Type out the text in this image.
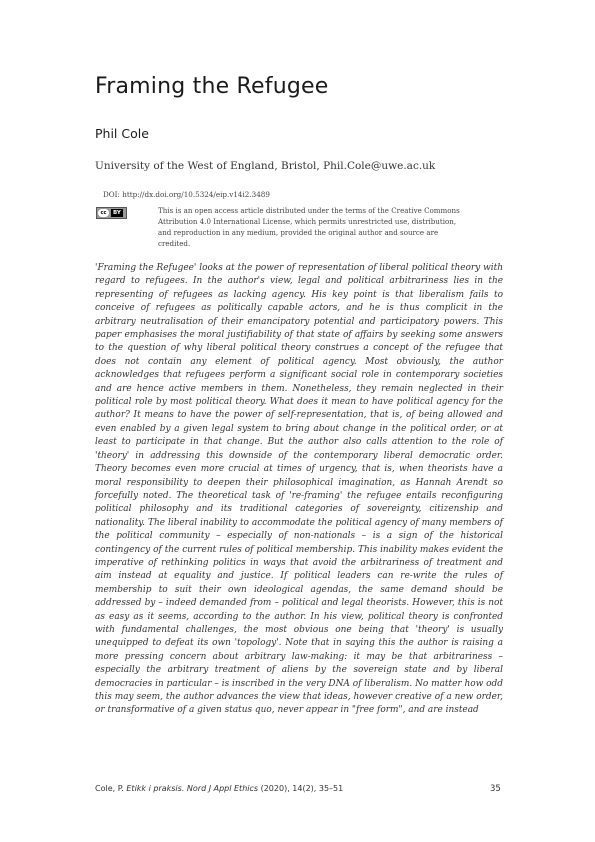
Framing the Refugee
Phil Cole
University of the West of England, Bristol, Phil.Cole@uwe.ac.uk
DOI: http://dx.doi.org/10.5324/eip.v14i2.3489
cc	BY	This is an open access article distributed under the terms of the Creative Commons Attribution 4.0 International License, which permits unrestricted use, distribution, and reproduction in any medium, provided the original author and source are credited.

'Framing the Refugee' looks at the power of representation of liberal political theory with regard to refugees. In the author's view, legal and political arbitrariness lies in the representing of refugees as lacking agency. His key point is that liberalism fails to conceive of refugees as politically capable actors, and he is thus complicit in the arbitrary neutralisation of their emancipatory potential and participatory powers. This paper emphasises the moral justifiability of that state of affairs by seeking some answers to the question of why liberal political theory construes a concept of the refugee that does not contain any element of political agency. Most obviously, the author acknowledges that refugees perform a significant social role in contemporary societies and are hence active members in them. Nonetheless, they remain neglected in their political role by most political theory. What does it mean to have political agency for the author? It means to have the power of self-representation, that is, of being allowed and even enabled by a given legal system to bring about change in the political order, or at least to participate in that change. But the author also calls attention to the role of 'theory' in addressing this downside of the contemporary liberal democratic order. Theory becomes even more crucial at times of urgency, that is, when theorists have a moral responsibility to deepen their philosophical imagination, as Hannah Arendt so forcefully noted. The theoretical task of 're-framing' the refugee entails reconfiguring political philosophy and its traditional categories of sovereignty, citizenship and nationality. The liberal inability to accommodate the political agency of many members of the political community – especially of non-nationals – is a sign of the historical contingency of the current rules of political membership. This inability makes evident the imperative of rethinking politics in ways that avoid the arbitrariness of treatment and aim instead at equality and justice. If political leaders can re-write the rules of membership to suit their own ideological agendas, the same demand should be addressed by – indeed demanded from – political and legal theorists. However, this is not as easy as it seems, according to the author. In his view, political theory is confronted with fundamental challenges, the most obvious one being that 'theory' is usually unequipped to defeat its own 'topology'. Note that in saying this the author is raising a more pressing concern about arbitrary law-making: it may be that arbitrariness – especially the arbitrary treatment of aliens by the sovereign state and by liberal democracies in particular – is inscribed in the very DNA of liberalism. No matter how odd this may seem, the author advances the view that ideas, however creative of a new order, or transformative of a given status quo, never appear in "free form", and are instead

Cole, P. Etikk i praksis. Nord J Appl Ethics (2020), 14(2), 35–51	35
